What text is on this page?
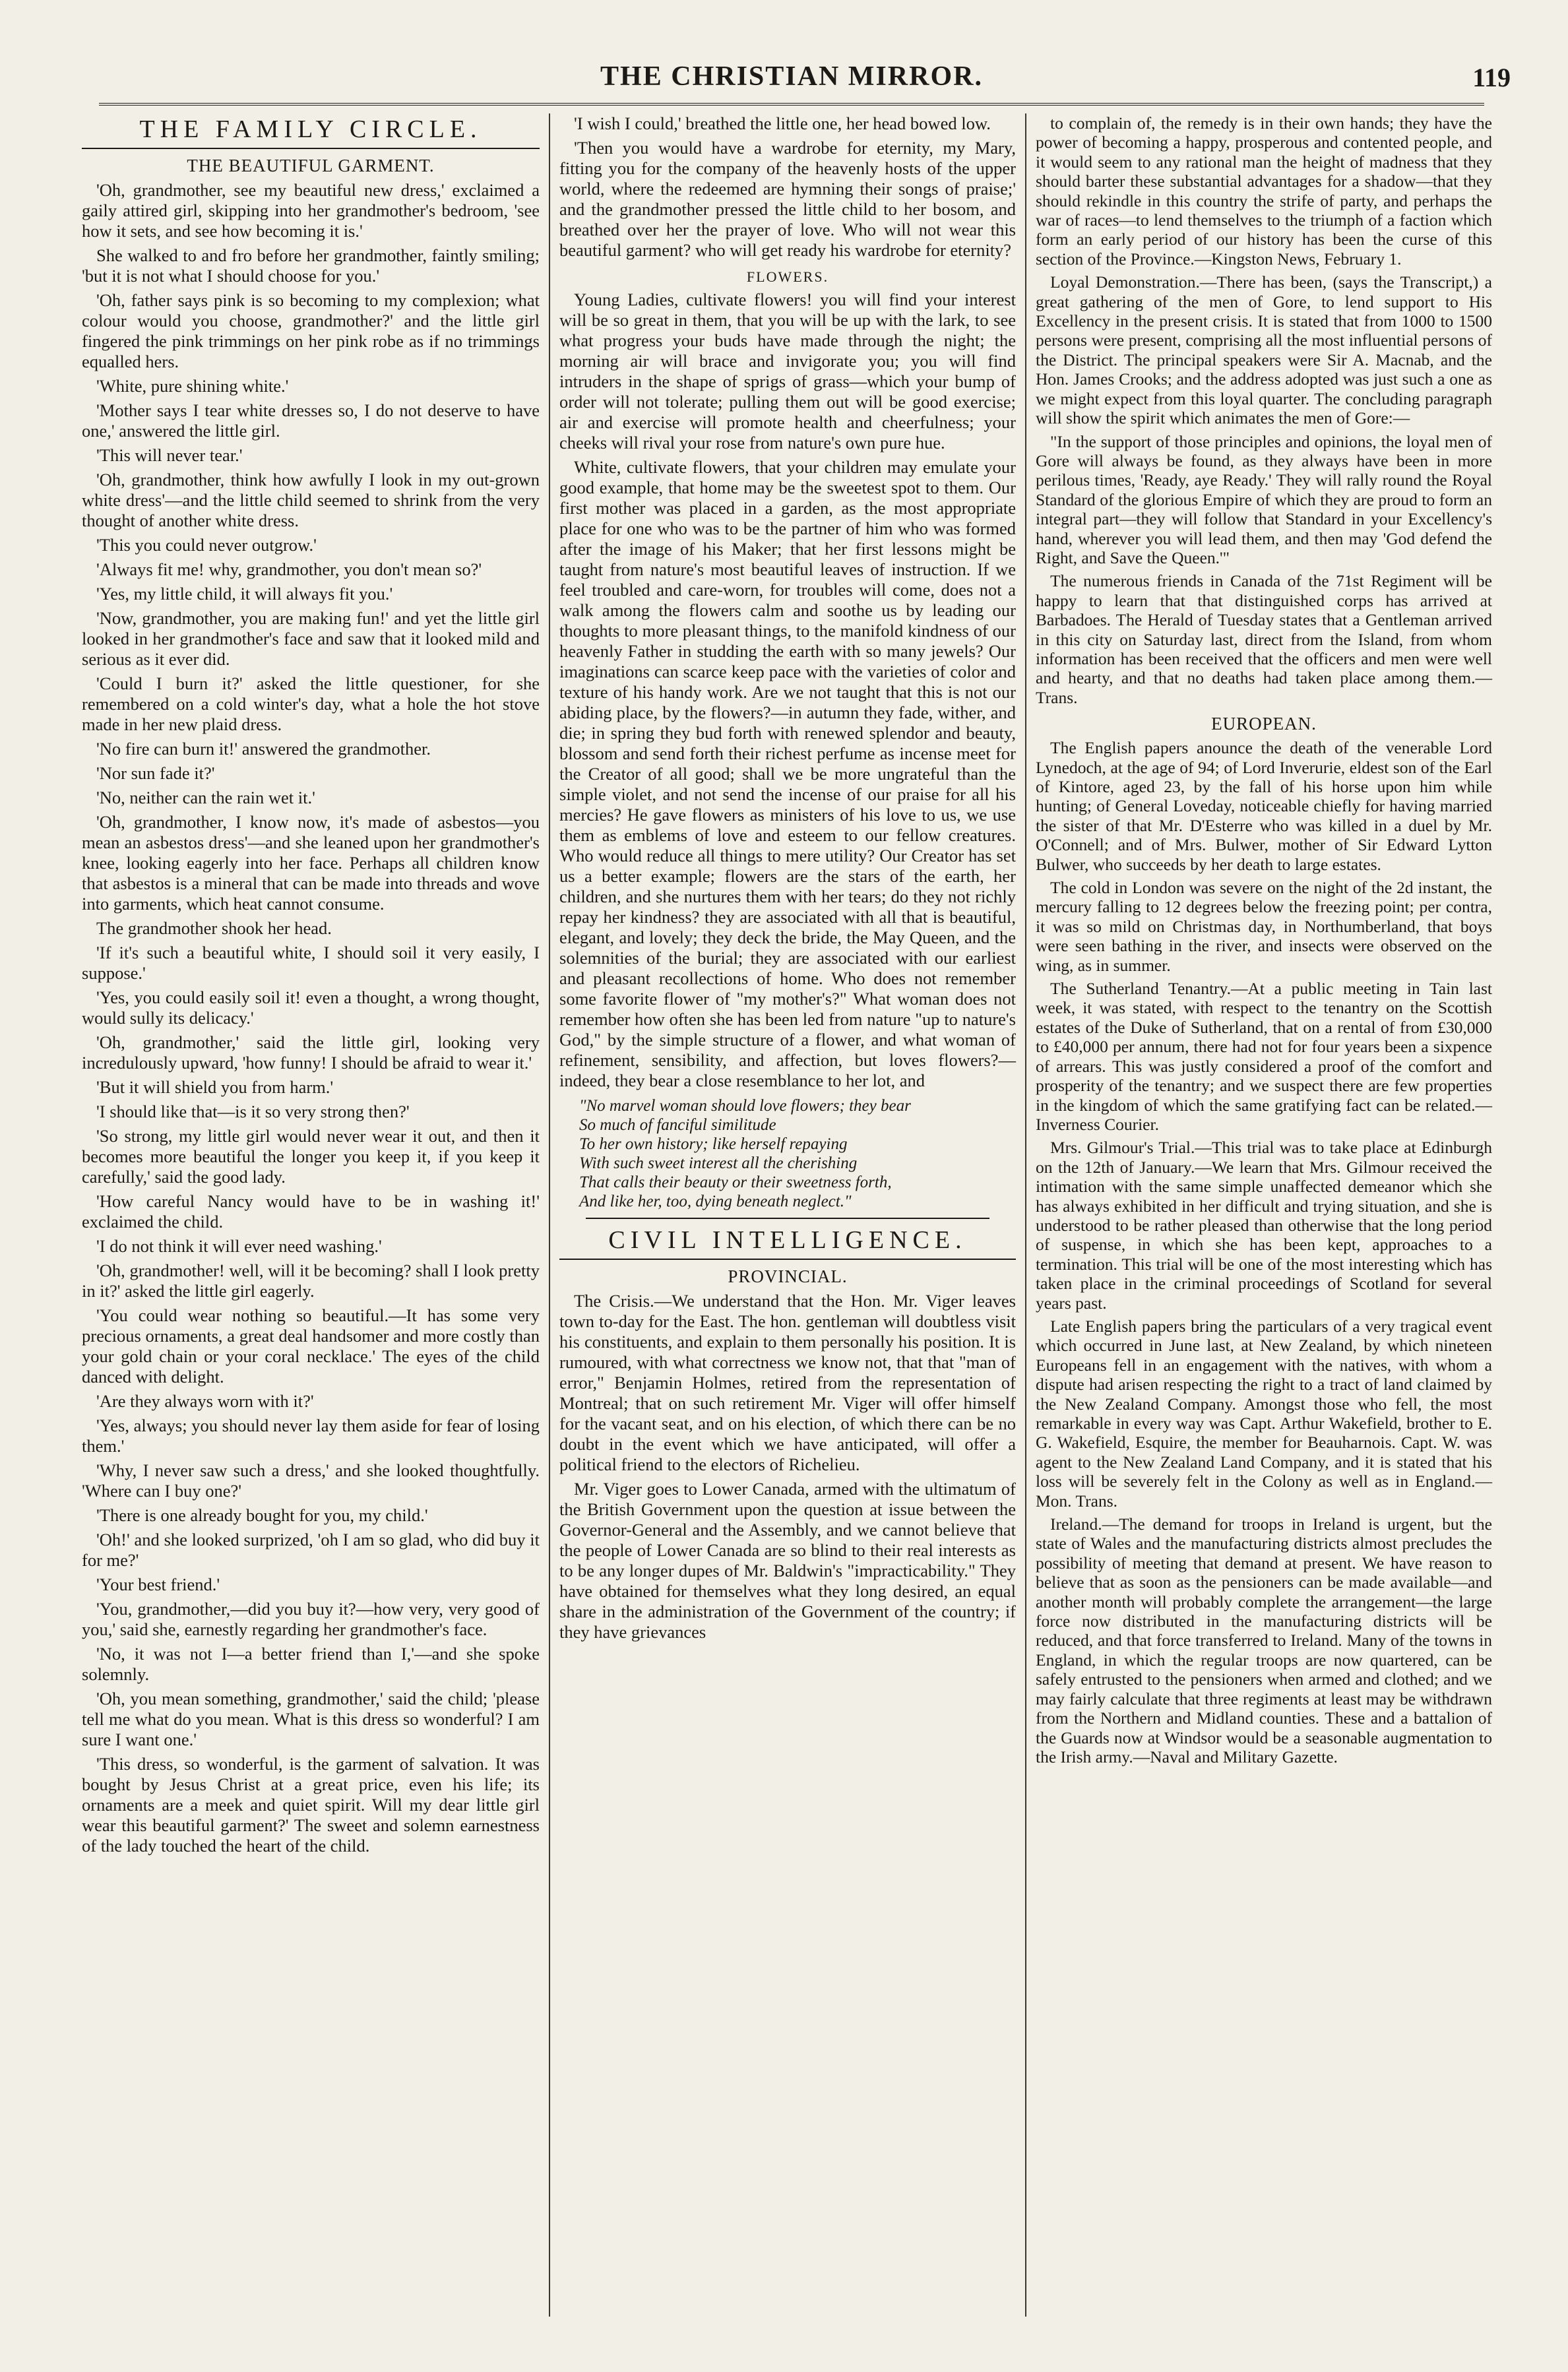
THE CHRISTIAN MIRROR.	119
THE FAMILY CIRCLE.
THE BEAUTIFUL GARMENT.

'Oh, grandmother, see my beautiful new dress,' exclaimed a gaily attired girl, skipping into her grandmother's bedroom, 'see how it sets, and see how becoming it is.'

She walked to and fro before her grandmother, faintly smiling; 'but it is not what I should choose for you.'

'Oh, father says pink is so becoming to my complexion; what colour would you choose, grandmother?' and the little girl fingered the pink trimmings on her pink robe as if no trimmings equalled hers.

'White, pure shining white.'

'Mother says I tear white dresses so, I do not deserve to have one,' answered the little girl.

'This will never tear.'

'Oh, grandmother, think how awfully I look in my out-grown white dress'—and the little child seemed to shrink from the very thought of another white dress.

'This you could never outgrow.'

'Always fit me! why, grandmother, you don't mean so?'

'Yes, my little child, it will always fit you.'

'Now, grandmother, you are making fun!' and yet the little girl looked in her grandmother's face and saw that it looked mild and serious as it ever did.

'Could I burn it?' asked the little questioner, for she remembered on a cold winter's day, what a hole the hot stove made in her new plaid dress.

'No fire can burn it!' answered the grandmother.

'Nor sun fade it?'

'No, neither can the rain wet it.'

'Oh, grandmother, I know now, it's made of asbestos—you mean an asbestos dress'—and she leaned upon her grandmother's knee, looking eagerly into her face. Perhaps all children know that asbestos is a mineral that can be made into threads and wove into garments, which heat cannot consume.

The grandmother shook her head.

'If it's such a beautiful white, I should soil it very easily, I suppose.'

'Yes, you could easily soil it! even a thought, a wrong thought, would sully its delicacy.'

'Oh, grandmother,' said the little girl, looking very incredulously upward, 'how funny! I should be afraid to wear it.'

'But it will shield you from harm.'

'I should like that—is it so very strong then?'

'So strong, my little girl would never wear it out, and then it becomes more beautiful the longer you keep it, if you keep it carefully,' said the good lady.

'How careful Nancy would have to be in washing it!' exclaimed the child.

'I do not think it will ever need washing.'

'Oh, grandmother! well, will it be becoming? shall I look pretty in it?' asked the little girl eagerly.

'You could wear nothing so beautiful.—It has some very precious ornaments, a great deal handsomer and more costly than your gold chain or your coral necklace.' The eyes of the child danced with delight.

'Are they always worn with it?'

'Yes, always; you should never lay them aside for fear of losing them.'

'Why, I never saw such a dress,' and she looked thoughtfully. 'Where can I buy one?'

'There is one already bought for you, my child.'

'Oh!' and she looked surprized, 'oh I am so glad, who did buy it for me?'

'Your best friend.'

'You, grandmother,—did you buy it?—how very, very good of you,' said she, earnestly regarding her grandmother's face.

'No, it was not I—a better friend than I,'—and she spoke solemnly.

'Oh, you mean something, grandmother,' said the child; 'please tell me what do you mean. What is this dress so wonderful? I am sure I want one.'

'This dress, so wonderful, is the garment of salvation. It was bought by Jesus Christ at a great price, even his life; its ornaments are a meek and quiet spirit. Will my dear little girl wear this beautiful garment?' The sweet and solemn earnestness of the lady touched the heart of the child.

'I wish I could,' breathed the little one, her head bowed low.

'Then you would have a wardrobe for eternity, my Mary, fitting you for the company of the heavenly hosts of the upper world, where the redeemed are hymning their songs of praise;' and the grandmother pressed the little child to her bosom, and breathed over her the prayer of love. Who will not wear this beautiful garment? who will get ready his wardrobe for eternity?

FLOWERS.

Young Ladies, cultivate flowers! you will find your interest will be so great in them, that you will be up with the lark, to see what progress your buds have made through the night; the morning air will brace and invigorate you; you will find intruders in the shape of sprigs of grass—which your bump of order will not tolerate; pulling them out will be good exercise; air and exercise will promote health and cheerfulness; your cheeks will rival your rose from nature's own pure hue.

White, cultivate flowers, that your children may emulate your good example, that home may be the sweetest spot to them. Our first mother was placed in a garden, as the most appropriate place for one who was to be the partner of him who was formed after the image of his Maker; that her first lessons might be taught from nature's most beautiful leaves of instruction. If we feel troubled and care-worn, for troubles will come, does not a walk among the flowers calm and soothe us by leading our thoughts to more pleasant things, to the manifold kindness of our heavenly Father in studding the earth with so many jewels? Our imaginations can scarce keep pace with the varieties of color and texture of his handy work. Are we not taught that this is not our abiding place, by the flowers?—in autumn they fade, wither, and die; in spring they bud forth with renewed splendor and beauty, blossom and send forth their richest perfume as incense meet for the Creator of all good; shall we be more ungrateful than the simple violet, and not send the incense of our praise for all his mercies? He gave flowers as ministers of his love to us, we use them as emblems of love and esteem to our fellow creatures. Who would reduce all things to mere utility? Our Creator has set us a better example; flowers are the stars of the earth, her children, and she nurtures them with her tears; do they not richly repay her kindness? they are associated with all that is beautiful, elegant, and lovely; they deck the bride, the May Queen, and the solemnities of the burial; they are associated with our earliest and pleasant recollections of home. Who does not remember some favorite flower of "my mother's?" What woman does not remember how often she has been led from nature "up to nature's God," by the simple structure of a flower, and what woman of refinement, sensibility, and affection, but loves flowers?—indeed, they bear a close resemblance to her lot, and

"No marvel woman should love flowers; they bear
So much of fanciful similitude
To her own history; like herself repaying
With such sweet interest all the cherishing
That calls their beauty or their sweetness forth,
And like her, too, dying beneath neglect."
CIVIL INTELLIGENCE.
PROVINCIAL.

The Crisis.—We understand that the Hon. Mr. Viger leaves town to-day for the East. The hon. gentleman will doubtless visit his constituents, and explain to them personally his position. It is rumoured, with what correctness we know not, that that "man of error," Benjamin Holmes, retired from the representation of Montreal; that on such retirement Mr. Viger will offer himself for the vacant seat, and on his election, of which there can be no doubt in the event which we have anticipated, will offer a political friend to the electors of Richelieu.

Mr. Viger goes to Lower Canada, armed with the ultimatum of the British Government upon the question at issue between the Governor-General and the Assembly, and we cannot believe that the people of Lower Canada are so blind to their real interests as to be any longer dupes of Mr. Baldwin's "impracticability." They have obtained for themselves what they long desired, an equal share in the administration of the Government of the country; if they have grievances

to complain of, the remedy is in their own hands; they have the power of becoming a happy, prosperous and contented people, and it would seem to any rational man the height of madness that they should barter these substantial advantages for a shadow—that they should rekindle in this country the strife of party, and perhaps the war of races—to lend themselves to the triumph of a faction which form an early period of our history has been the curse of this section of the Province.—Kingston News, February 1.

Loyal Demonstration.—There has been, (says the Transcript,) a great gathering of the men of Gore, to lend support to His Excellency in the present crisis. It is stated that from 1000 to 1500 persons were present, comprising all the most influential persons of the District. The principal speakers were Sir A. Macnab, and the Hon. James Crooks; and the address adopted was just such a one as we might expect from this loyal quarter. The concluding paragraph will show the spirit which animates the men of Gore:—

"In the support of those principles and opinions, the loyal men of Gore will always be found, as they always have been in more perilous times, 'Ready, aye Ready.' They will rally round the Royal Standard of the glorious Empire of which they are proud to form an integral part—they will follow that Standard in your Excellency's hand, wherever you will lead them, and then may 'God defend the Right, and Save the Queen.'"

The numerous friends in Canada of the 71st Regiment will be happy to learn that that distinguished corps has arrived at Barbadoes. The Herald of Tuesday states that a Gentleman arrived in this city on Saturday last, direct from the Island, from whom information has been received that the officers and men were well and hearty, and that no deaths had taken place among them.—Trans.

EUROPEAN.

The English papers anounce the death of the venerable Lord Lynedoch, at the age of 94; of Lord Inverurie, eldest son of the Earl of Kintore, aged 23, by the fall of his horse upon him while hunting; of General Loveday, noticeable chiefly for having married the sister of that Mr. D'Esterre who was killed in a duel by Mr. O'Connell; and of Mrs. Bulwer, mother of Sir Edward Lytton Bulwer, who succeeds by her death to large estates.

The cold in London was severe on the night of the 2d instant, the mercury falling to 12 degrees below the freezing point; per contra, it was so mild on Christmas day, in Northumberland, that boys were seen bathing in the river, and insects were observed on the wing, as in summer.

The Sutherland Tenantry.—At a public meeting in Tain last week, it was stated, with respect to the tenantry on the Scottish estates of the Duke of Sutherland, that on a rental of from £30,000 to £40,000 per annum, there had not for four years been a sixpence of arrears. This was justly considered a proof of the comfort and prosperity of the tenantry; and we suspect there are few properties in the kingdom of which the same gratifying fact can be related.—Inverness Courier.

Mrs. Gilmour's Trial.—This trial was to take place at Edinburgh on the 12th of January.—We learn that Mrs. Gilmour received the intimation with the same simple unaffected demeanor which she has always exhibited in her difficult and trying situation, and she is understood to be rather pleased than otherwise that the long period of suspense, in which she has been kept, approaches to a termination. This trial will be one of the most interesting which has taken place in the criminal proceedings of Scotland for several years past.

Late English papers bring the particulars of a very tragical event which occurred in June last, at New Zealand, by which nineteen Europeans fell in an engagement with the natives, with whom a dispute had arisen respecting the right to a tract of land claimed by the New Zealand Company. Amongst those who fell, the most remarkable in every way was Capt. Arthur Wakefield, brother to E. G. Wakefield, Esquire, the member for Beauharnois. Capt. W. was agent to the New Zealand Land Company, and it is stated that his loss will be severely felt in the Colony as well as in England.—Mon. Trans.

Ireland.—The demand for troops in Ireland is urgent, but the state of Wales and the manufacturing districts almost precludes the possibility of meeting that demand at present. We have reason to believe that as soon as the pensioners can be made available—and another month will probably complete the arrangement—the large force now distributed in the manufacturing districts will be reduced, and that force transferred to Ireland. Many of the towns in England, in which the regular troops are now quartered, can be safely entrusted to the pensioners when armed and clothed; and we may fairly calculate that three regiments at least may be withdrawn from the Northern and Midland counties. These and a battalion of the Guards now at Windsor would be a seasonable augmentation to the Irish army.—Naval and Military Gazette.
